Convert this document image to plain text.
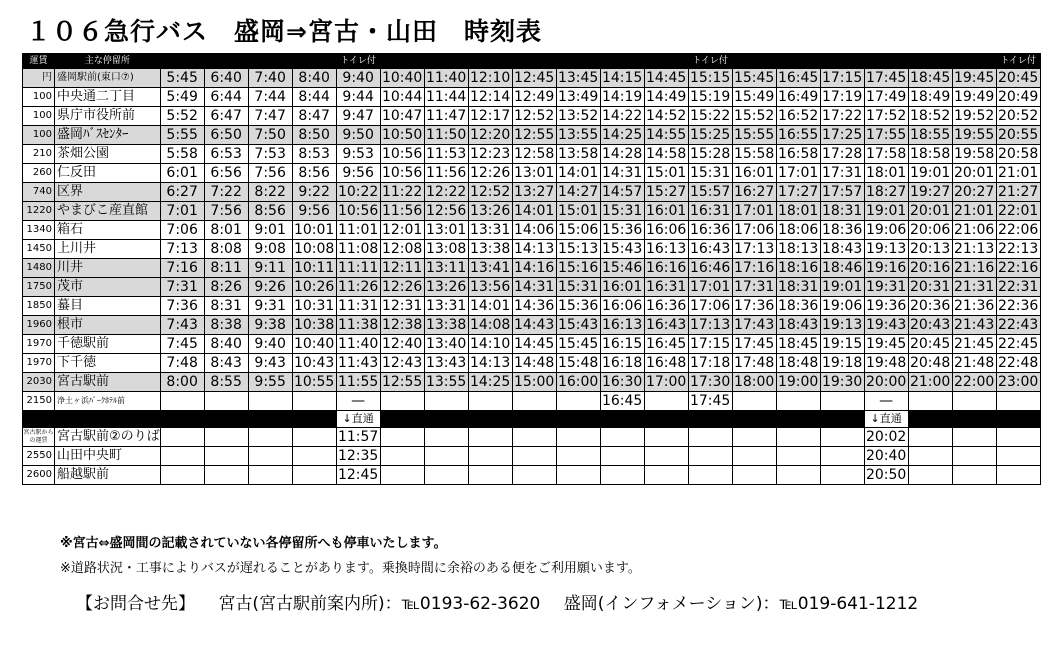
１０６急行バス　盛岡⇒宮古・山田　時刻表
運賃	主な停留所					トイレ付								トイレ付							トイレ付
円	盛岡駅前(東口⑦)	5:45	6:40	7:40	8:40	9:40	10:40	11:40	12:10	12:45	13:45	14:15	14:45	15:15	15:45	16:45	17:15	17:45	18:45	19:45	20:45
100	中央通二丁目	5:49	6:44	7:44	8:44	9:44	10:44	11:44	12:14	12:49	13:49	14:19	14:49	15:19	15:49	16:49	17:19	17:49	18:49	19:49	20:49
100	県庁市役所前	5:52	6:47	7:47	8:47	9:47	10:47	11:47	12:17	12:52	13:52	14:22	14:52	15:22	15:52	16:52	17:22	17:52	18:52	19:52	20:52
100	盛岡ﾊﾞｽｾﾝﾀｰ	5:55	6:50	7:50	8:50	9:50	10:50	11:50	12:20	12:55	13:55	14:25	14:55	15:25	15:55	16:55	17:25	17:55	18:55	19:55	20:55
210	茶畑公園	5:58	6:53	7:53	8:53	9:53	10:56	11:53	12:23	12:58	13:58	14:28	14:58	15:28	15:58	16:58	17:28	17:58	18:58	19:58	20:58
260	仁反田	6:01	6:56	7:56	8:56	9:56	10:56	11:56	12:26	13:01	14:01	14:31	15:01	15:31	16:01	17:01	17:31	18:01	19:01	20:01	21:01
740	区界	6:27	7:22	8:22	9:22	10:22	11:22	12:22	12:52	13:27	14:27	14:57	15:27	15:57	16:27	17:27	17:57	18:27	19:27	20:27	21:27
1220	やまびこ産直館	7:01	7:56	8:56	9:56	10:56	11:56	12:56	13:26	14:01	15:01	15:31	16:01	16:31	17:01	18:01	18:31	19:01	20:01	21:01	22:01
1340	箱石	7:06	8:01	9:01	10:01	11:01	12:01	13:01	13:31	14:06	15:06	15:36	16:06	16:36	17:06	18:06	18:36	19:06	20:06	21:06	22:06
1450	上川井	7:13	8:08	9:08	10:08	11:08	12:08	13:08	13:38	14:13	15:13	15:43	16:13	16:43	17:13	18:13	18:43	19:13	20:13	21:13	22:13
1480	川井	7:16	8:11	9:11	10:11	11:11	12:11	13:11	13:41	14:16	15:16	15:46	16:16	16:46	17:16	18:16	18:46	19:16	20:16	21:16	22:16
1750	茂市	7:31	8:26	9:26	10:26	11:26	12:26	13:26	13:56	14:31	15:31	16:01	16:31	17:01	17:31	18:31	19:01	19:31	20:31	21:31	22:31
1850	蟇目	7:36	8:31	9:31	10:31	11:31	12:31	13:31	14:01	14:36	15:36	16:06	16:36	17:06	17:36	18:36	19:06	19:36	20:36	21:36	22:36
1960	根市	7:43	8:38	9:38	10:38	11:38	12:38	13:38	14:08	14:43	15:43	16:13	16:43	17:13	17:43	18:43	19:13	19:43	20:43	21:43	22:43
1970	千徳駅前	7:45	8:40	9:40	10:40	11:40	12:40	13:40	14:10	14:45	15:45	16:15	16:45	17:15	17:45	18:45	19:15	19:45	20:45	21:45	22:45
1970	下千徳	7:48	8:43	9:43	10:43	11:43	12:43	13:43	14:13	14:48	15:48	16:18	16:48	17:18	17:48	18:48	19:18	19:48	20:48	21:48	22:48
2030	宮古駅前	8:00	8:55	9:55	10:55	11:55	12:55	13:55	14:25	15:00	16:00	16:30	17:00	17:30	18:00	19:00	19:30	20:00	21:00	22:00	23:00
2150	浄土ヶ浜ﾊﾟｰｸﾎﾃﾙ前					—						16:45		17:45				—			
						↓直通												↓直通			
宮古駅からの運賃	宮古駅前②のりば					11:57												20:02			
2550	山田中央町					12:35												20:40			
2600	船越駅前					12:45												20:50			
※宮古⇔盛岡間の記載されていない各停留所へも停車いたします。
※道路状況・工事によりバスが遅れることがあります。乗換時間に余裕のある便をご利用願います。
【お問合せ先】 宮古(宮古駅前案内所)：℡0193-62-3620 盛岡(インフォメーション)：℡019-641-1212
